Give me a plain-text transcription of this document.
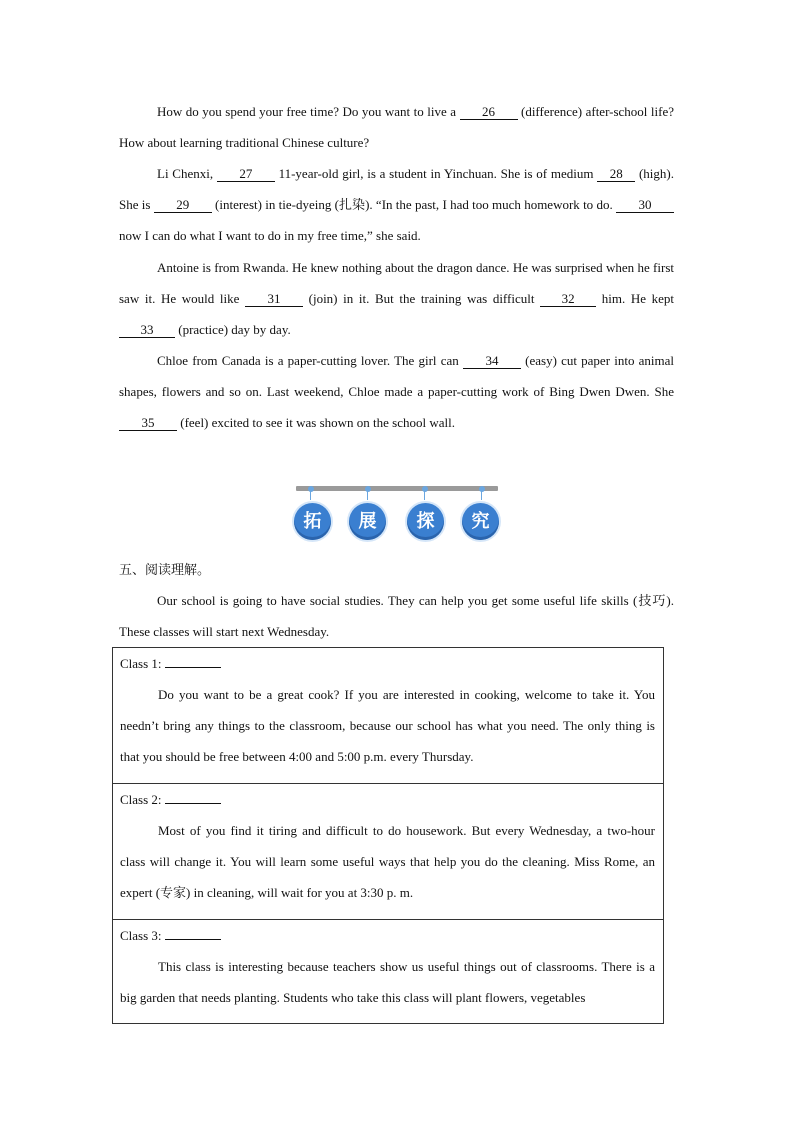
How do you spend your free time? Do you want to live a 26 (difference) after-school life? How about learning traditional Chinese culture?

Li Chenxi, 27 11-year-old girl, is a student in Yinchuan. She is of medium 28 (high). She is 29 (interest) in tie-dyeing (扎染). “In the past, I had too much homework to do. 30 now I can do what I want to do in my free time,” she said.

Antoine is from Rwanda. He knew nothing about the dragon dance. He was surprised when he first saw it. He would like 31 (join) in it. But the training was difficult 32 him. He kept 33 (practice) day by day.

Chloe from Canada is a paper-cutting lover. The girl can 34 (easy) cut paper into animal shapes, flowers and so on. Last weekend, Chloe made a paper-cutting work of Bing Dwen Dwen. She 35 (feel) excited to see it was shown on the school wall.

拓	展	探	究
五、阅读理解。

Our school is going to have social studies. They can help you get some useful life skills (技巧). These classes will start next Wednesday.

Class 1:

Do you want to be a great cook? If you are interested in cooking, welcome to take it. You needn’t bring any things to the classroom, because our school has what you need. The only thing is that you should be free between 4:00 and 5:00 p.m. every Thursday.

Class 2:

Most of you find it tiring and difficult to do housework. But every Wednesday, a two-hour class will change it. You will learn some useful ways that help you do the cleaning. Miss Rome, an expert (专家) in cleaning, will wait for you at 3:30 p. m.

Class 3:

This class is interesting because teachers show us useful things out of classrooms. There is a big garden that needs planting. Students who take this class will plant flowers, vegetables
